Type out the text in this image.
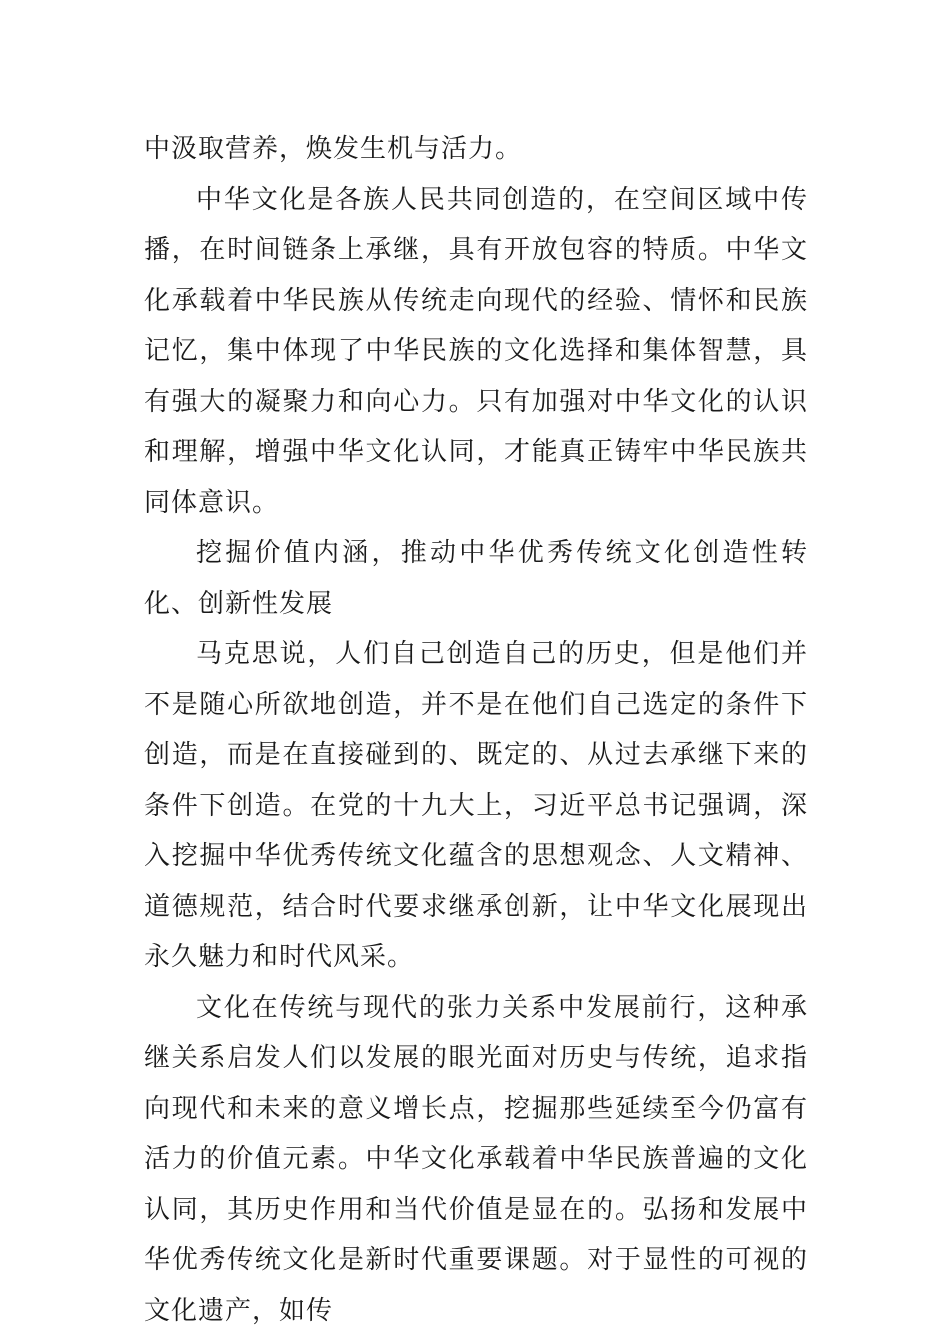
中汲取营养，焕发生机与活力。

中华文化是各族人民共同创造的，在空间区域中传播，在时间链条上承继，具有开放包容的特质。中华文化承载着中华民族从传统走向现代的经验、情怀和民族记忆，集中体现了中华民族的文化选择和集体智慧，具有强大的凝聚力和向心力。只有加强对中华文化的认识和理解，增强中华文化认同，才能真正铸牢中华民族共同体意识。

挖掘价值内涵，推动中华优秀传统文化创造性转化、创新性发展

马克思说，人们自己创造自己的历史，但是他们并不是随心所欲地创造，并不是在他们自己选定的条件下创造，而是在直接碰到的、既定的、从过去承继下来的条件下创造。在党的十九大上，习近平总书记强调，深入挖掘中华优秀传统文化蕴含的思想观念、人文精神、道德规范，结合时代要求继承创新，让中华文化展现出永久魅力和时代风采。

文化在传统与现代的张力关系中发展前行，这种承继关系启发人们以发展的眼光面对历史与传统，追求指向现代和未来的意义增长点，挖掘那些延续至今仍富有活力的价值元素。中华文化承载着中华民族普遍的文化认同，其历史作用和当代价值是显在的。弘扬和发展中华优秀传统文化是新时代重要课题。对于显性的可视的文化遗产，如传
